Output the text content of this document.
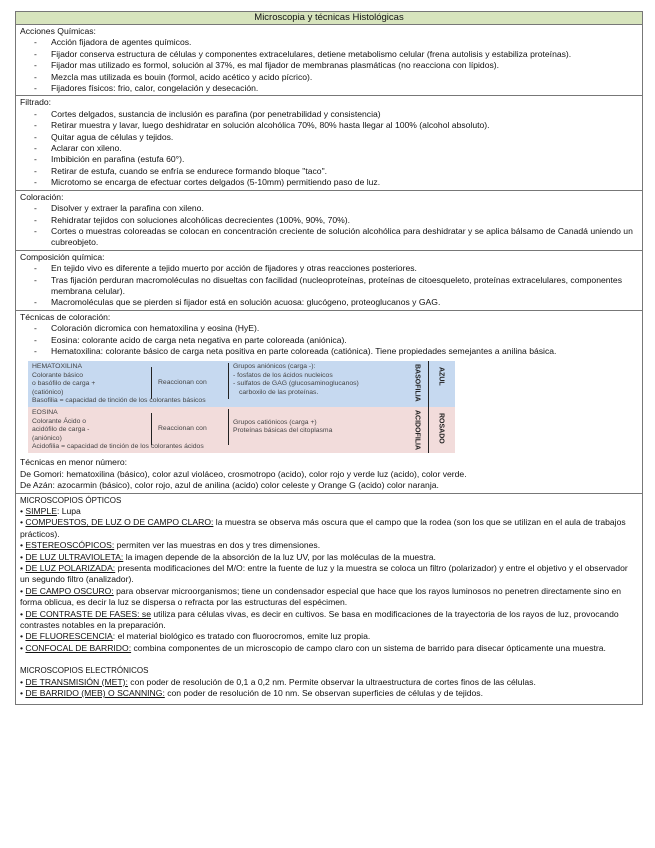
Microscopia y técnicas Histológicas

Acciones Químicas:

- Acción fijadora de agentes químicos.
- Fijador conserva estructura de células y componentes extracelulares, detiene metabolismo celular (frena autolisis y estabiliza proteínas).
- Fijador mas utilizado es formol, solución al 37%, es mal fijador de membranas plasmáticas (no reacciona con lípidos).
- Mezcla mas utilizada es bouin (formol, acido acético y acido pícrico).
- Fijadores físicos: frio, calor, congelación y desecación.

Filtrado:

- Cortes delgados, sustancia de inclusión es parafina (por penetrabilidad y consistencia)
- Retirar muestra y lavar, luego deshidratar en solución alcohólica 70%, 80% hasta llegar al 100% (alcohol absoluto).
- Quitar agua de células y tejidos.
- Aclarar con xileno.
- Imbibición en parafina (estufa 60°).
- Retirar de estufa, cuando se enfría se endurece formando bloque "taco".
- Microtomo se encarga de efectuar cortes delgados (5-10mm) permitiendo paso de luz.

Coloración:

- Disolver y extraer la parafina con xileno.
- Rehidratar tejidos con soluciones alcohólicas decrecientes (100%, 90%, 70%).
- Cortes o muestras coloreadas se colocan en concentración creciente de solución alcohólica para deshidratar y se aplica bálsamo de Canadá uniendo un cubreobjeto.

Composición química:

- En tejido vivo es diferente a tejido muerto por acción de fijadores y otras reacciones posteriores.
- Tras fijación perduran macromoléculas no disueltas con facilidad (nucleoproteínas, proteínas de citoesqueleto, proteínas extracelulares, componentes membrana celular).
- Macromoléculas que se pierden si fijador está en solución acuosa: glucógeno, proteoglucanos y GAG.

Técnicas de coloración:

- Coloración dicromica con hematoxilina y eosina (HyE).
- Eosina: colorante acido de carga neta negativa en parte coloreada (aniónica).
- Hematoxilina: colorante básico de carga neta positiva en parte coloreada (catiónica). Tiene propiedades semejantes a anilina básica.
HEMATOXILINA
Colorante básico
o basófilo de carga +
(catiónico)
Reaccionan con
Grupos aniónicos (carga -):
- fosfatos de los ácidos nucleicos
- sulfatos de GAG (glucosaminoglucanos)
carboxilo de las proteínas.
Basofilia = capacidad de tinción de los colorantes básicos	BASOFILIA AZUL
EOSINA
Colorante Ácido o
acidófilo de carga -
(aniónico)
Reaccionan con
Grupos catiónicos (carga +)
Proteínas básicas del citoplasma
Acidofilia = capacidad de tinción de los colorantes ácidos	ACIDOFILIA ROSADO

Técnicas en menor número:

De Gomori: hematoxilina (básico), color azul violáceo, crosmotropo (acido), color rojo y verde luz (acido), color verde.

De Azán: azocarmin (básico), color rojo, azul de anilina (acido) color celeste y Orange G (acido) color naranja.

MICROSCOPIOS ÓPTICOS

• SIMPLE: Lupa

• COMPUESTOS, DE LUZ O DE CAMPO CLARO: la muestra se observa más oscura que el campo que la rodea (son los que se utilizan en el aula de trabajos prácticos).

• ESTEREOSCÓPICOS: permiten ver las muestras en dos y tres dimensiones.

• DE LUZ ULTRAVIOLETA: la imagen depende de la absorción de la luz UV, por las moléculas de la muestra.

• DE LUZ POLARIZADA: presenta modificaciones del M/O: entre la fuente de luz y la muestra se coloca un filtro (polarizador) y entre el objetivo y el observador un segundo filtro (analizador).

• DE CAMPO OSCURO: para observar microorganismos; tiene un condensador especial que hace que los rayos luminosos no penetren directamente sino en forma oblicua, es decir la luz se dispersa o refracta por las estructuras del espécimen.

• DE CONTRASTE DE FASES: se utiliza para células vivas, es decir en cultivos. Se basa en modificaciones de la trayectoria de los rayos de luz, provocando contrastes notables en la preparación.

• DE FLUORESCENCIA: el material biológico es tratado con fluorocromos, emite luz propia.

• CONFOCAL DE BARRIDO: combina componentes de un microscopio de campo claro con un sistema de barrido para disecar ópticamente una muestra.

MICROSCOPIOS ELECTRÓNICOS

• DE TRANSMISIÓN (MET): con poder de resolución de 0,1 a 0,2 nm. Permite observar la ultraestructura de cortes finos de las células.

• DE BARRIDO (MEB) O SCANNING: con poder de resolución de 10 nm. Se observan superficies de células y de tejidos.
